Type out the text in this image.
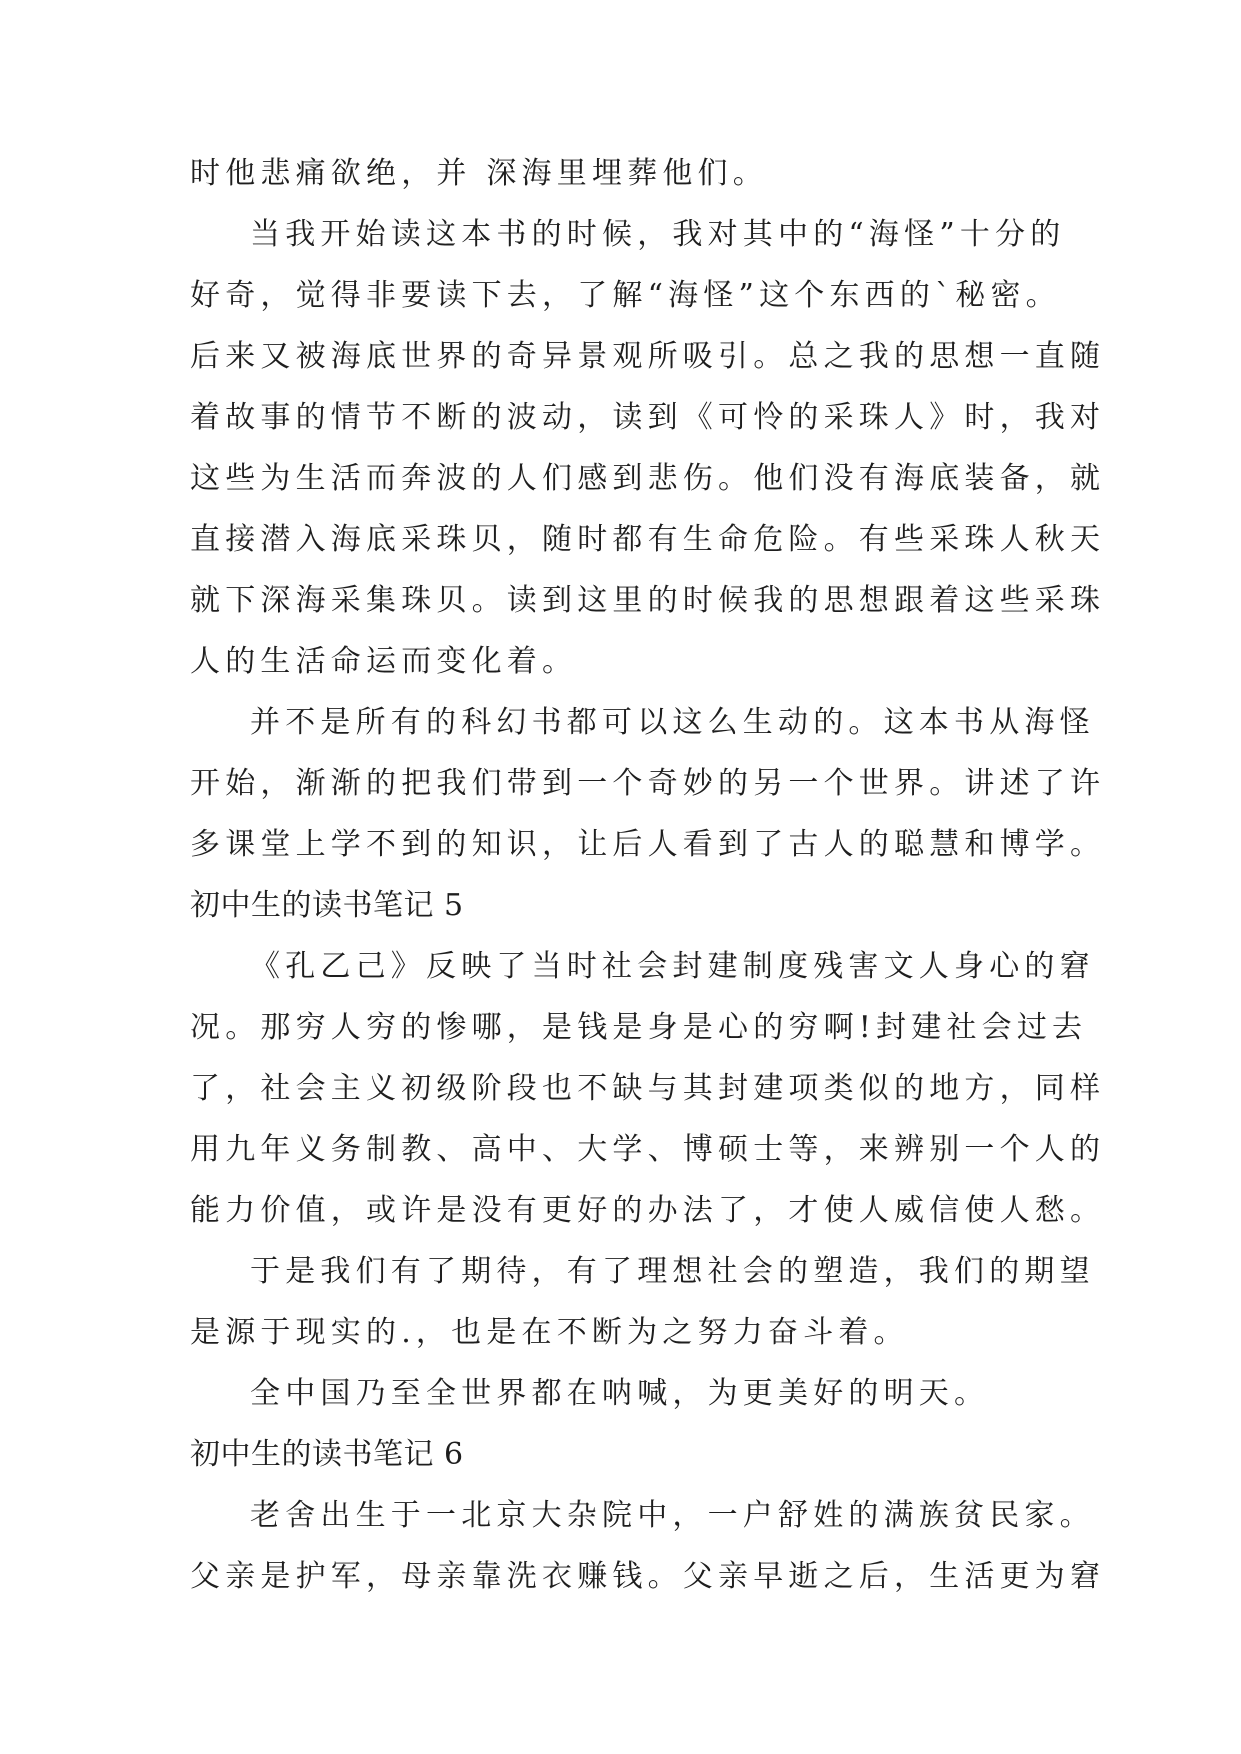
时他悲痛欲绝，并 深海里埋葬他们。
当我开始读这本书的时候，我对其中的“海怪”十分的
好奇，觉得非要读下去，了解“海怪”这个东西的`秘密。
后来又被海底世界的奇异景观所吸引。总之我的思想一直随
着故事的情节不断的波动，读到《可怜的采珠人》时，我对
这些为生活而奔波的人们感到悲伤。他们没有海底装备，就
直接潜入海底采珠贝，随时都有生命危险。有些采珠人秋天
就下深海采集珠贝。读到这里的时候我的思想跟着这些采珠
人的生活命运而变化着。
并不是所有的科幻书都可以这么生动的。这本书从海怪
开始，渐渐的把我们带到一个奇妙的另一个世界。讲述了许
多课堂上学不到的知识，让后人看到了古人的聪慧和博学。
初中生的读书笔记 5
《孔乙己》反映了当时社会封建制度残害文人身心的窘
况。那穷人穷的惨哪，是钱是身是心的穷啊!封建社会过去
了，社会主义初级阶段也不缺与其封建项类似的地方，同样
用九年义务制教、高中、大学、博硕士等，来辨别一个人的
能力价值，或许是没有更好的办法了，才使人威信使人愁。
于是我们有了期待，有了理想社会的塑造，我们的期望
是源于现实的.，也是在不断为之努力奋斗着。
全中国乃至全世界都在呐喊，为更美好的明天。
初中生的读书笔记 6
老舍出生于一北京大杂院中，一户舒姓的满族贫民家。
父亲是护军，母亲靠洗衣赚钱。父亲早逝之后，生活更为窘
